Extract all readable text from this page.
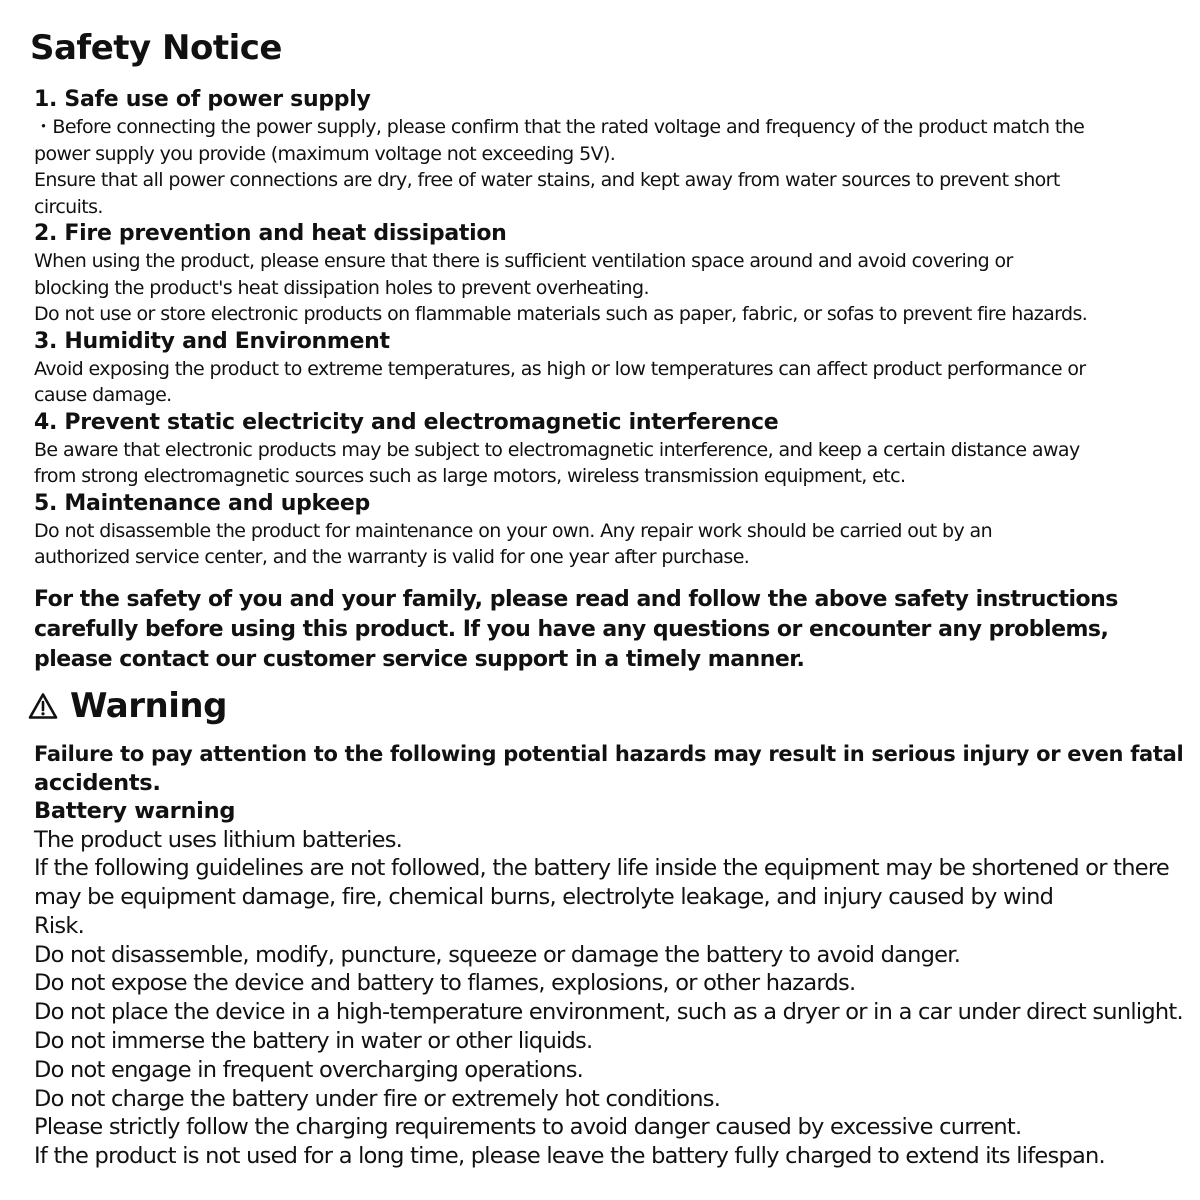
Safety Notice
1. Safe use of power supply

・Before connecting the power supply, please confirm that the rated voltage and frequency of the product match the

power supply you provide (maximum voltage not exceeding 5V).

Ensure that all power connections are dry, free of water stains, and kept away from water sources to prevent short

circuits.

2. Fire prevention and heat dissipation

When using the product, please ensure that there is sufficient ventilation space around and avoid covering or

blocking the product's heat dissipation holes to prevent overheating.

Do not use or store electronic products on flammable materials such as paper, fabric, or sofas to prevent fire hazards.

3. Humidity and Environment

Avoid exposing the product to extreme temperatures, as high or low temperatures can affect product performance or

cause damage.

4. Prevent static electricity and electromagnetic interference

Be aware that electronic products may be subject to electromagnetic interference, and keep a certain distance away

from strong electromagnetic sources such as large motors, wireless transmission equipment, etc.

5. Maintenance and upkeep

Do not disassemble the product for maintenance on your own. Any repair work should be carried out by an

authorized service center, and the warranty is valid for one year after purchase.

For the safety of you and your family, please read and follow the above safety instructions
carefully before using this product. If you have any questions or encounter any problems,
please contact our customer service support in a timely manner.

Warning

Failure to pay attention to the following potential hazards may result in serious injury or even fatal
accidents.

Battery warning

The product uses lithium batteries.

If the following guidelines are not followed, the battery life inside the equipment may be shortened or there

may be equipment damage, fire, chemical burns, electrolyte leakage, and injury caused by wind

Risk.

Do not disassemble, modify, puncture, squeeze or damage the battery to avoid danger.

Do not expose the device and battery to flames, explosions, or other hazards.

Do not place the device in a high-temperature environment, such as a dryer or in a car under direct sunlight.

Do not immerse the battery in water or other liquids.

Do not engage in frequent overcharging operations.

Do not charge the battery under fire or extremely hot conditions.

Please strictly follow the charging requirements to avoid danger caused by excessive current.

If the product is not used for a long time, please leave the battery fully charged to extend its lifespan.
